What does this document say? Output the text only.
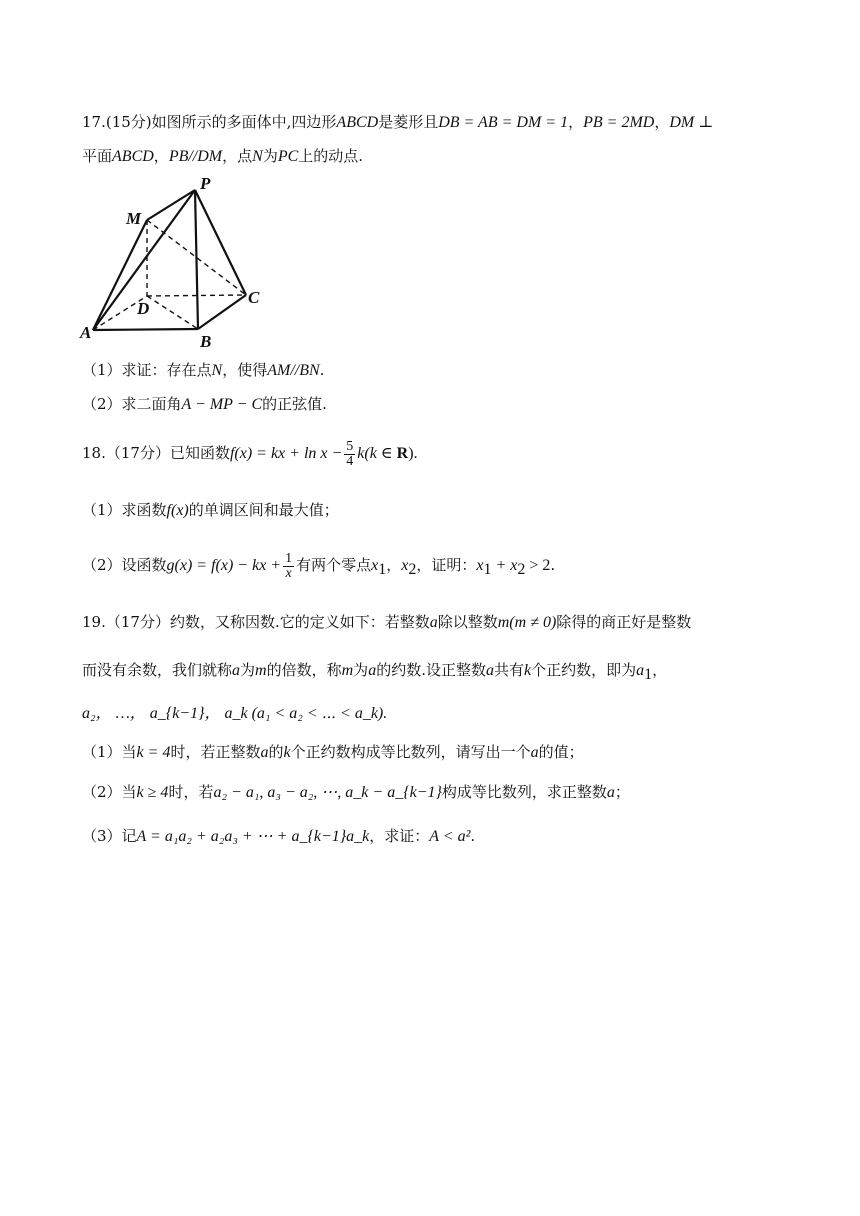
17.(15分)如图所示的多面体中,四边形ABCD是菱形且DB = AB = DM = 1，PB = 2MD，DM ⊥
平面ABCD，PB//DM，点N为PC上的动点.
P
M
D
C
A	B
（1）求证：存在点N，使得AM//BN.
（2）求二面角A − MP − C的正弦值.
18.（17分）已知函数f(x) = kx + $\ln x - \frac{5}{4} k(k$ ∈ R).
（1）求函数f(x)的单调区间和最大值；
（2）设函数g(x) = f(x) − kx + $\frac{1}{x}$ 有两个零点$x_1$，$x_2$，证明：$x_1 + x_2 > 2$.
19.（17分）约数，又称因数.它的定义如下：若整数a除以整数m(m ≠ 0)除得的商正好是整数
而没有余数，我们就称a为m的倍数，称m为a的约数.设正整数a共有k个正约数，即为$a_1$，
a₂， …， a_{k−1}， a_k (a₁ < a₂ < ⋯ < a_k).
（1）当k = 4时，若正整数a的k个正约数构成等比数列，请写出一个a的值；
（2）当k ≥ 4时，若a₂ − a₁, a₃ − a₂, ⋯, a_k − a_{k−1}构成等比数列，求正整数a；
（3）记A = a₁a₂ + a₂a₃ + ⋯ + a_{k−1}a_k，求证：A < a².
